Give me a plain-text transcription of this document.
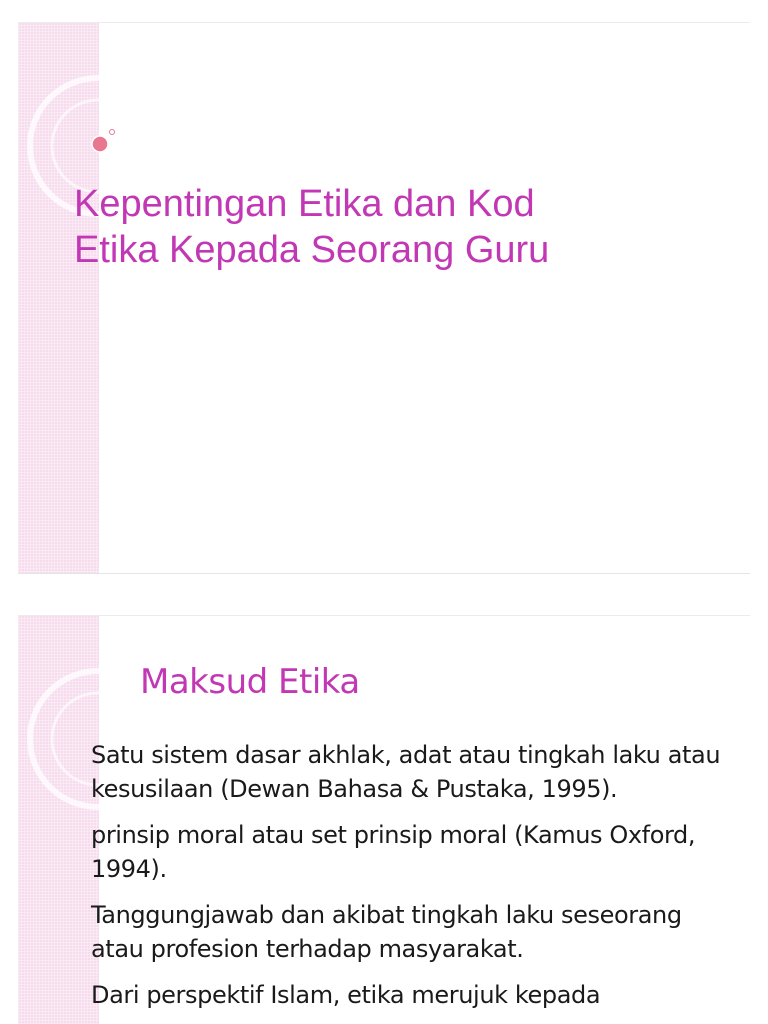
Kepentingan Etika dan Kod
Etika Kepada Seorang Guru
Maksud Etika
Satu sistem dasar akhlak, adat atau tingkah laku atau kesusilaan (Dewan Bahasa & Pustaka, 1995).
prinsip moral atau set prinsip moral (Kamus Oxford, 1994).
Tanggungjawab dan akibat tingkah laku seseorang atau profesion terhadap masyarakat.
Dari perspektif Islam, etika merujuk kepada
